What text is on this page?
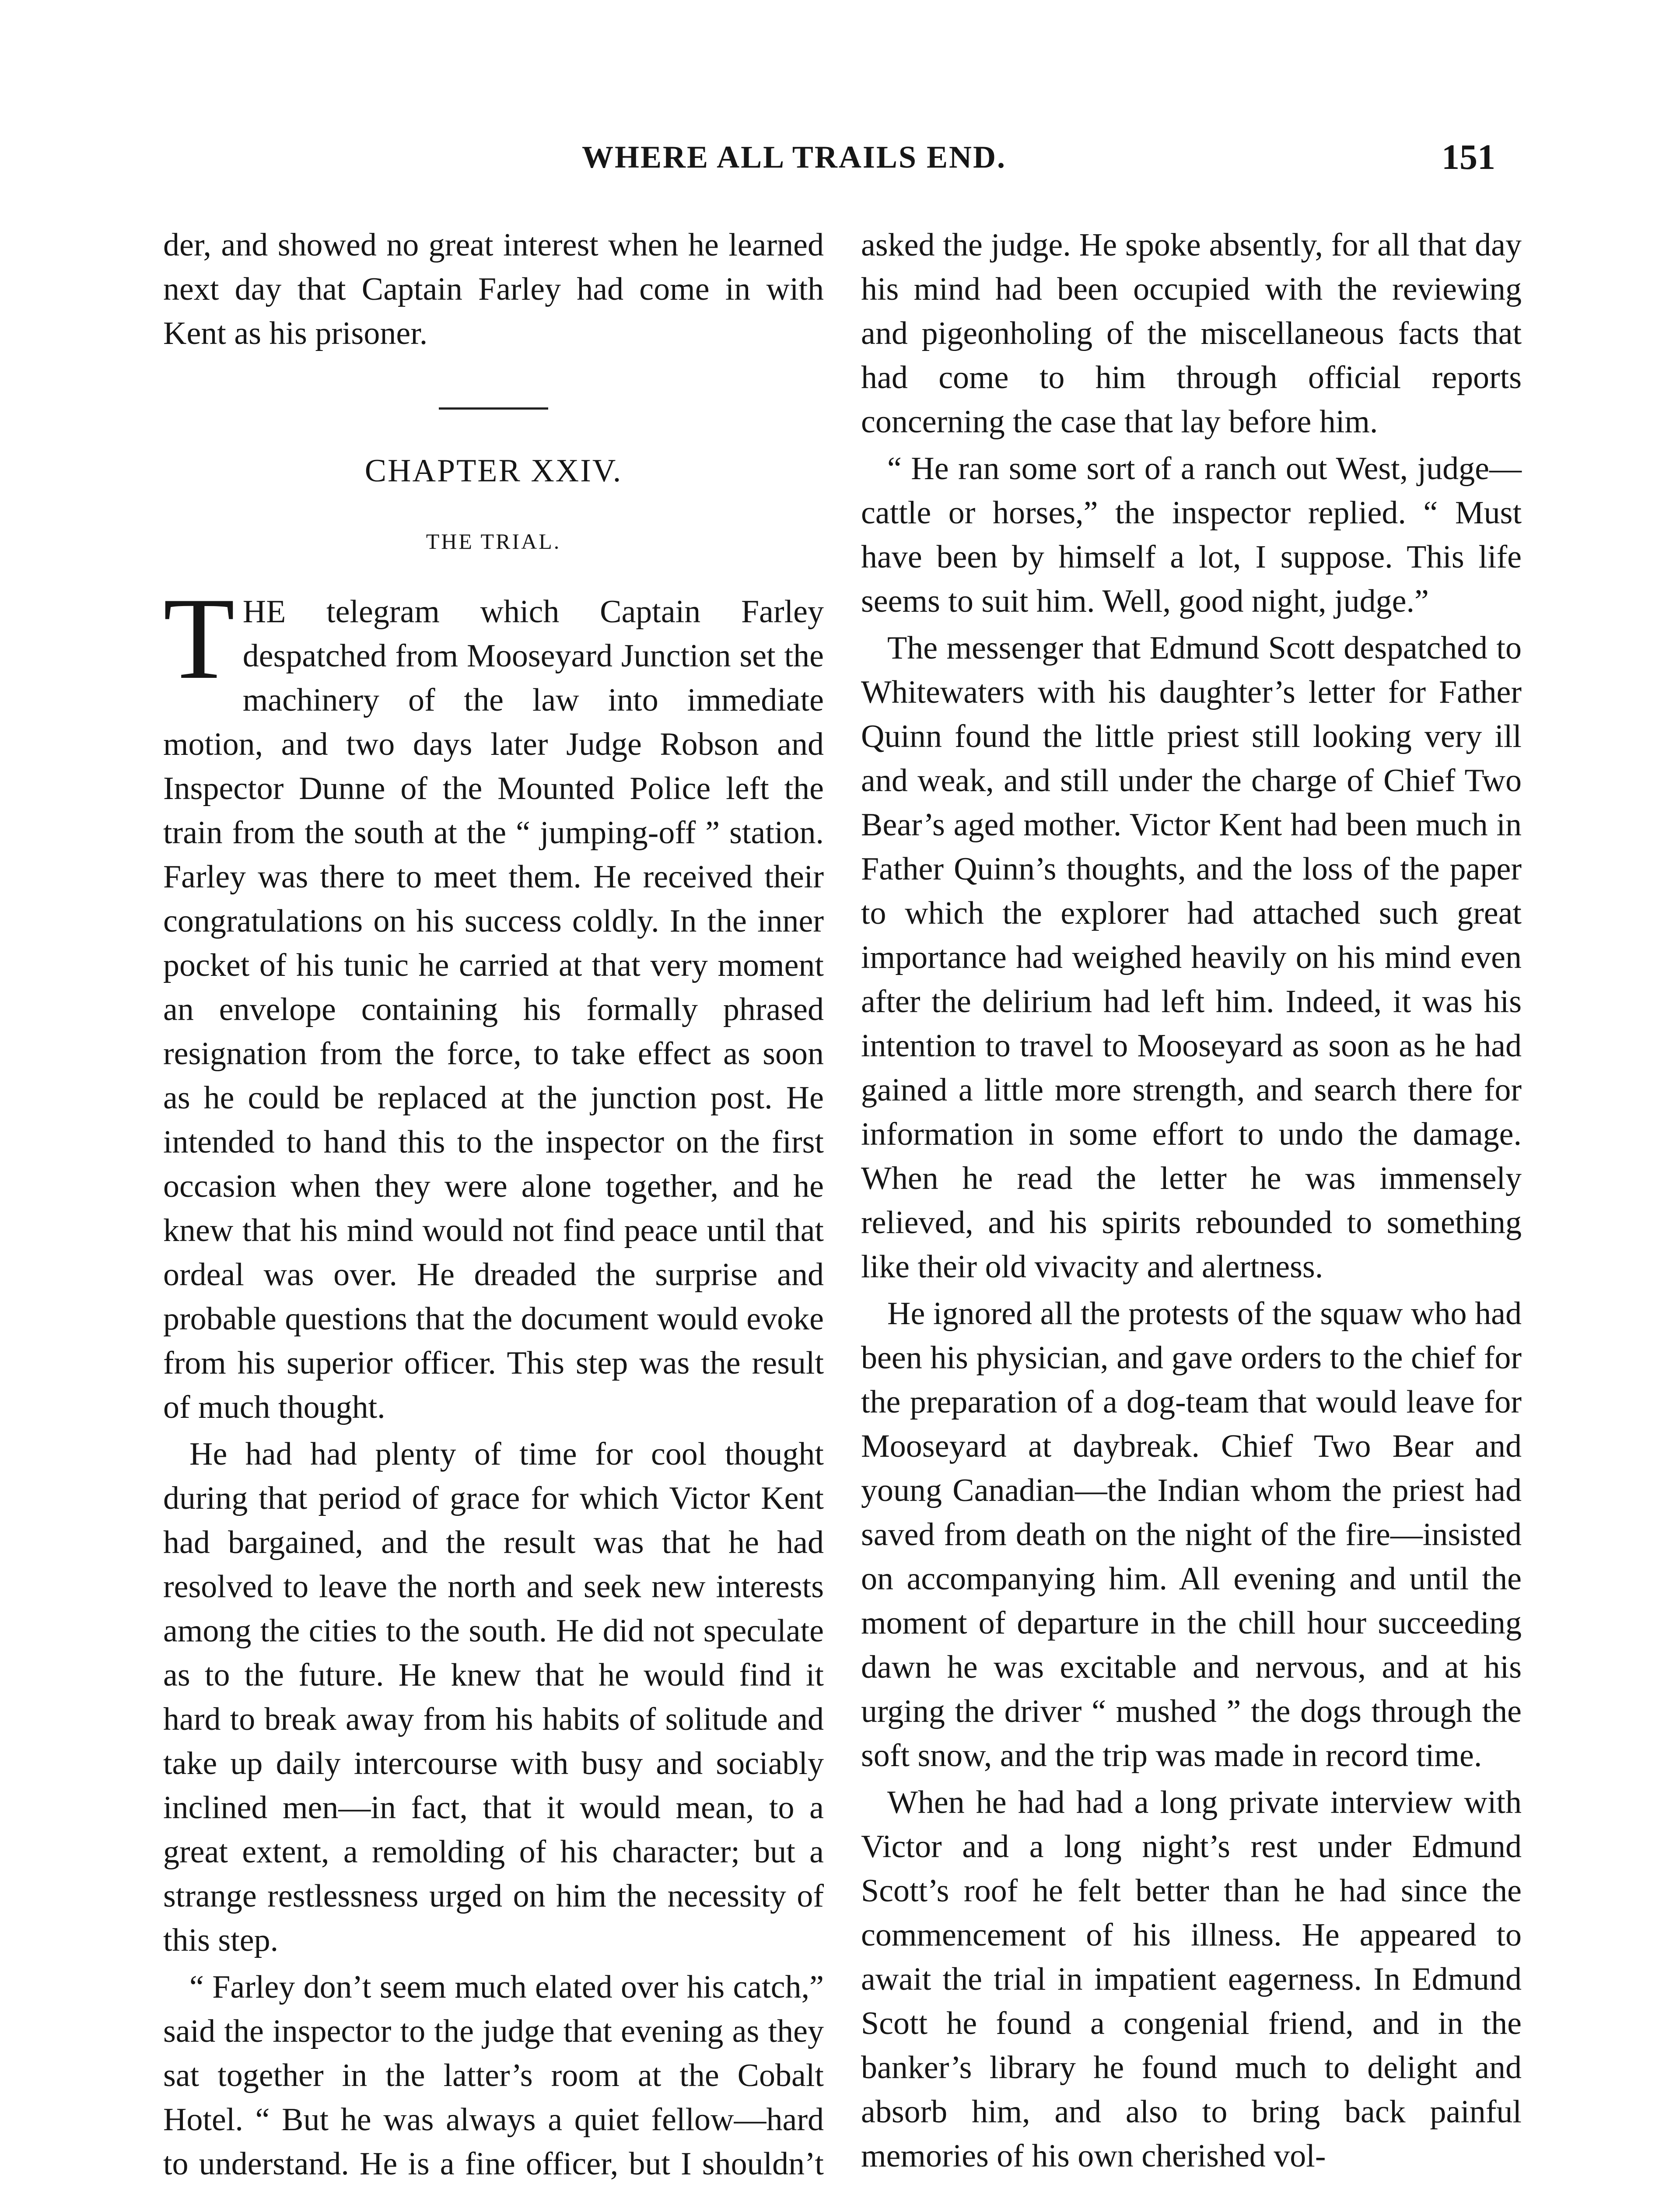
WHERE ALL TRAILS END.	151

der, and showed no great interest when he learned next day that Captain Farley had come in with Kent as his prisoner.

CHAPTER XXIV.
THE TRIAL.

THE telegram which Captain Farley despatched from Mooseyard Junction set the machinery of the law into immediate motion, and two days later Judge Robson and Inspector Dunne of the Mounted Police left the train from the south at the “ jumping-off ” station. Farley was there to meet them. He received their congratulations on his success coldly. In the inner pocket of his tunic he carried at that very moment an envelope containing his formally phrased resignation from the force, to take effect as soon as he could be replaced at the junction post. He intended to hand this to the inspector on the first occasion when they were alone together, and he knew that his mind would not find peace until that ordeal was over. He dreaded the surprise and probable questions that the document would evoke from his superior officer. This step was the result of much thought.

He had had plenty of time for cool thought during that period of grace for which Victor Kent had bargained, and the result was that he had resolved to leave the north and seek new interests among the cities to the south. He did not speculate as to the future. He knew that he would find it hard to break away from his habits of solitude and take up daily intercourse with busy and sociably inclined men—in fact, that it would mean, to a great extent, a remolding of his character; but a strange restlessness urged on him the necessity of this step.

“ Farley don’t seem much elated over his catch,” said the inspector to the judge that evening as they sat together in the latter’s room at the Cobalt Hotel. “ But he was always a quiet fellow—hard to understand. He is a fine officer, but I shouldn’t

asked the judge. He spoke absently, for all that day his mind had been occupied with the reviewing and pigeonholing of the miscellaneous facts that had come to him through official reports concerning the case that lay before him.

“ He ran some sort of a ranch out West, judge—cattle or horses,” the inspector replied. “ Must have been by himself a lot, I suppose. This life seems to suit him. Well, good night, judge.”

The messenger that Edmund Scott despatched to Whitewaters with his daughter’s letter for Father Quinn found the little priest still looking very ill and weak, and still under the charge of Chief Two Bear’s aged mother. Victor Kent had been much in Father Quinn’s thoughts, and the loss of the paper to which the explorer had attached such great importance had weighed heavily on his mind even after the delirium had left him. Indeed, it was his intention to travel to Mooseyard as soon as he had gained a little more strength, and search there for information in some effort to undo the damage. When he read the letter he was immensely relieved, and his spirits rebounded to something like their old vivacity and alertness.

He ignored all the protests of the squaw who had been his physician, and gave orders to the chief for the preparation of a dog-team that would leave for Mooseyard at daybreak. Chief Two Bear and young Canadian—the Indian whom the priest had saved from death on the night of the fire—insisted on accompanying him. All evening and until the moment of departure in the chill hour succeeding dawn he was excitable and nervous, and at his urging the driver “ mushed ” the dogs through the soft snow, and the trip was made in record time.

When he had had a long private interview with Victor and a long night’s rest under Edmund Scott’s roof he felt better than he had since the commencement of his illness. He appeared to await the trial in impatient eagerness. In Edmund Scott he found a congenial friend, and in the banker’s library he found much to delight and absorb him, and also to bring back painful memories of his own cherished vol-
